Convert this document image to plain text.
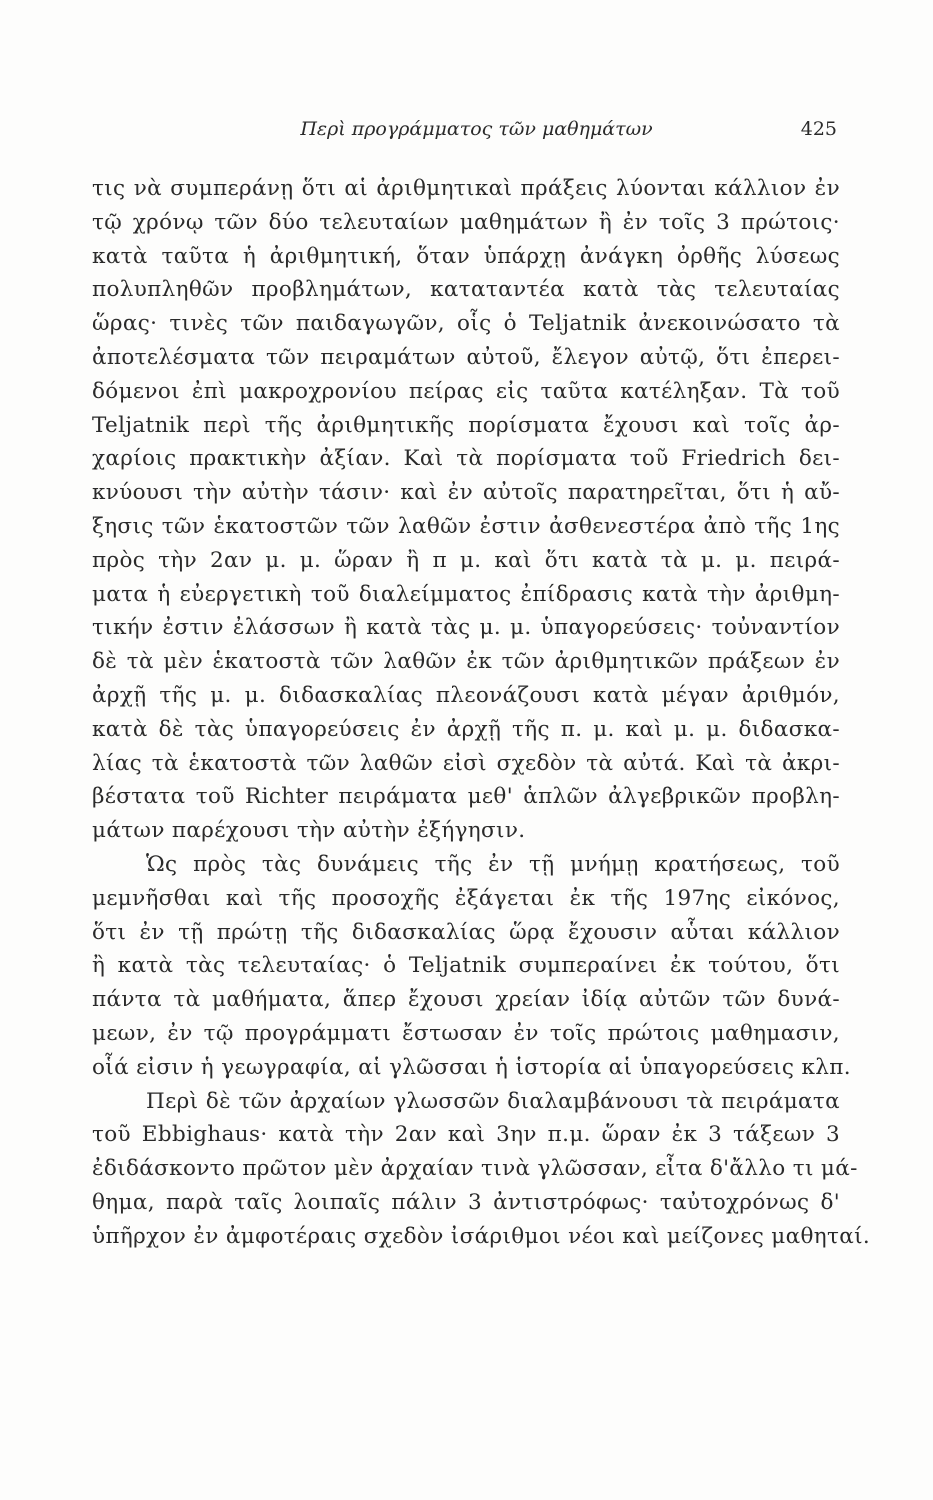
Περὶ προγράμματος τῶν μαθημάτων	425
τις νὰ συμπεράνῃ ὅτι αἱ ἀριθμητικαὶ πράξεις λύονται κάλλιον ἐν
τῷ χρόνῳ τῶν δύο τελευταίων μαθημάτων ἢ ἐν τοῖς 3 πρώτοις·
κατὰ ταῦτα ἡ ἀριθμητική, ὅταν ὑπάρχῃ ἀνάγκη ὀρθῆς λύσεως
πολυπληθῶν προβλημάτων, καταταντέα κατὰ τὰς τελευταίας
ὥρας· τινὲς τῶν παιδαγωγῶν, οἷς ὁ Teljatnik ἀνεκοινώσατο τὰ
ἀποτελέσματα τῶν πειραμάτων αὐτοῦ, ἔλεγον αὐτῷ, ὅτι ἐπερει-
δόμενοι ἐπὶ μακροχρονίου πείρας εἰς ταῦτα κατέληξαν. Τὰ τοῦ
Teljatnik περὶ τῆς ἀριθμητικῆς πορίσματα ἔχουσι καὶ τοῖς ἀρ-
χαρίοις πρακτικὴν ἀξίαν. Καὶ τὰ πορίσματα τοῦ Friedrich δει-
κνύουσι τὴν αὐτὴν τάσιν· καὶ ἐν αὐτοῖς παρατηρεῖται, ὅτι ἡ αὔ-
ξησις τῶν ἑκατοστῶν τῶν λαθῶν ἐστιν ἀσθενεστέρα ἀπὸ τῆς 1ης
πρὸς τὴν 2αν μ. μ. ὥραν ἢ π μ. καὶ ὅτι κατὰ τὰ μ. μ. πειρά-
ματα ἡ εὐεργετικὴ τοῦ διαλείμματος ἐπίδρασις κατὰ τὴν ἀριθμη-
τικήν ἐστιν ἐλάσσων ἢ κατὰ τὰς μ. μ. ὑπαγορεύσεις· τοὐναντίον
δὲ τὰ μὲν ἑκατοστὰ τῶν λαθῶν ἐκ τῶν ἀριθμητικῶν πράξεων ἐν
ἀρχῇ τῆς μ. μ. διδασκαλίας πλεονάζουσι κατὰ μέγαν ἀριθμόν,
κατὰ δὲ τὰς ὑπαγορεύσεις ἐν ἀρχῇ τῆς π. μ. καὶ μ. μ. διδασκα-
λίας τὰ ἑκατοστὰ τῶν λαθῶν εἰσὶ σχεδὸν τὰ αὐτά. Καὶ τὰ ἀκρι-
βέστατα τοῦ Richter πειράματα μεθ' ἁπλῶν ἀλγεβρικῶν προβλη-
μάτων παρέχουσι τὴν αὐτὴν ἐξήγησιν.
Ὡς πρὸς τὰς δυνάμεις τῆς ἐν τῇ μνήμῃ κρατήσεως, τοῦ
μεμνῆσθαι καὶ τῆς προσοχῆς ἐξάγεται ἐκ τῆς 197ης εἰκόνος,
ὅτι ἐν τῇ πρώτῃ τῆς διδασκαλίας ὥρᾳ ἔχουσιν αὗται κάλλιον
ἢ κατὰ τὰς τελευταίας· ὁ Teljatnik συμπεραίνει ἐκ τούτου, ὅτι
πάντα τὰ μαθήματα, ἅπερ ἔχουσι χρείαν ἰδίᾳ αὐτῶν τῶν δυνά-
μεων, ἐν τῷ προγράμματι ἔστωσαν ἐν τοῖς πρώτοις μαθημασιν,
οἷά εἰσιν ἡ γεωγραφία, αἱ γλῶσσαι ἡ ἱστορία αἱ ὑπαγορεύσεις κλπ.
Περὶ δὲ τῶν ἀρχαίων γλωσσῶν διαλαμβάνουσι τὰ πειράματα
τοῦ Ebbighaus· κατὰ τὴν 2αν καὶ 3ην π.μ. ὥραν ἐκ 3 τάξεων 3
ἐδιδάσκοντο πρῶτον μὲν ἀρχαίαν τινὰ γλῶσσαν, εἶτα δ'ἄλλο τι μά-
θημα, παρὰ ταῖς λοιπαῖς πάλιν 3 ἀντιστρόφως· ταὐτοχρόνως δ'
ὑπῆρχον ἐν ἀμφοτέραις σχεδὸν ἰσάριθμοι νέοι καὶ μείζονες μαθηταί.
